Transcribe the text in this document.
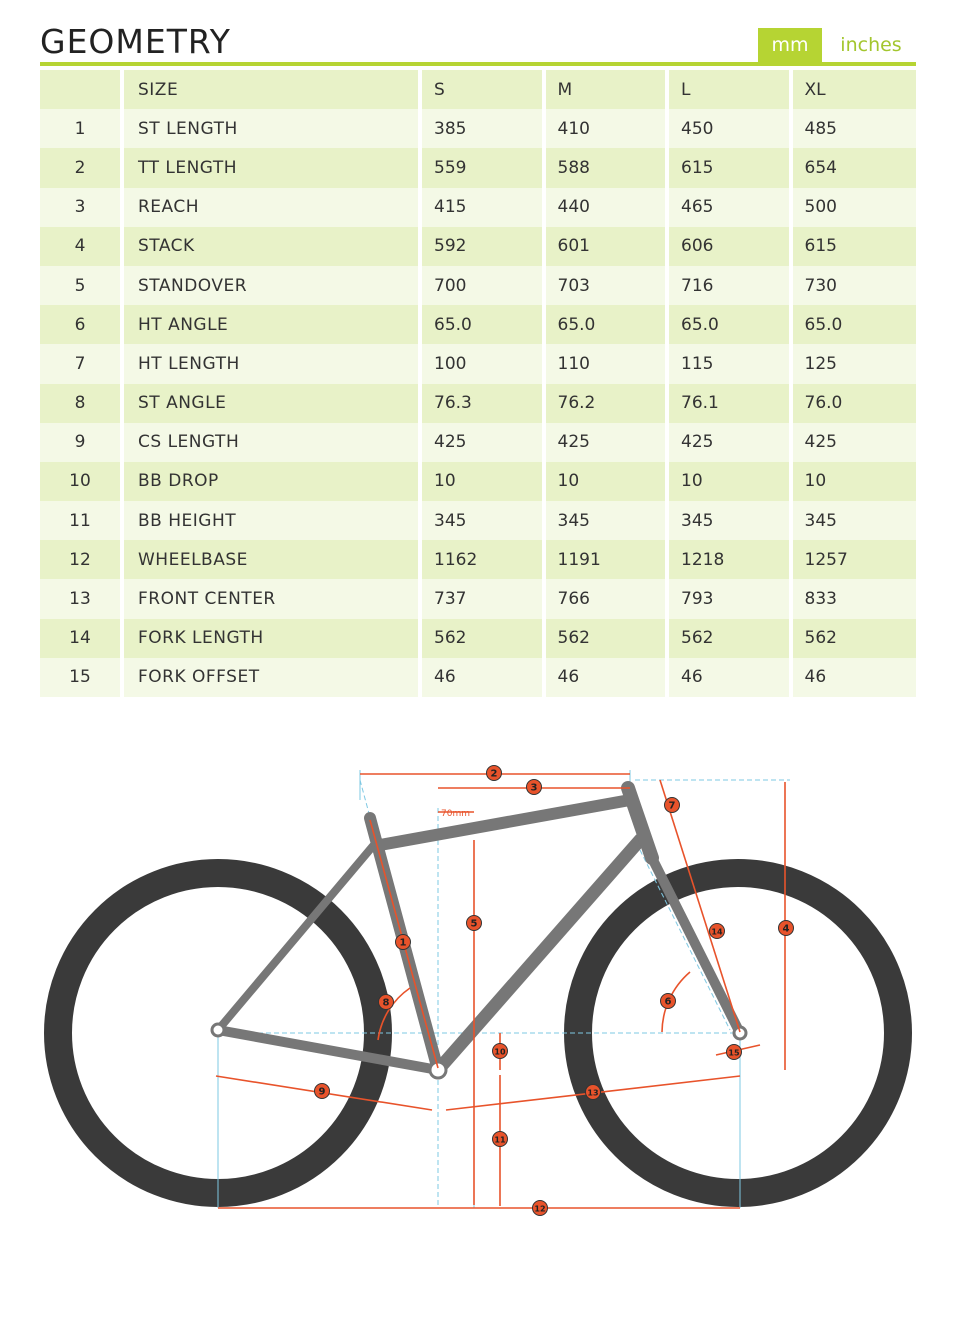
GEOMETRY	mm	inches
	SIZE	S	M	L	XL
1	ST LENGTH	385	410	450	485
2	TT LENGTH	559	588	615	654
3	REACH	415	440	465	500
4	STACK	592	601	606	615
5	STANDOVER	700	703	716	730
6	HT ANGLE	65.0	65.0	65.0	65.0
7	HT LENGTH	100	110	115	125
8	ST ANGLE	76.3	76.2	76.1	76.0
9	CS LENGTH	425	425	425	425
10	BB DROP	10	10	10	10
11	BB HEIGHT	345	345	345	345
12	WHEELBASE	1162	1191	1218	1257
13	FRONT CENTER	737	766	793	833
14	FORK LENGTH	562	562	562	562
15	FORK OFFSET	46	46	46	46
70mm
1
2
3
4
5
6
7
8
9
10
11
12
13
14
15
